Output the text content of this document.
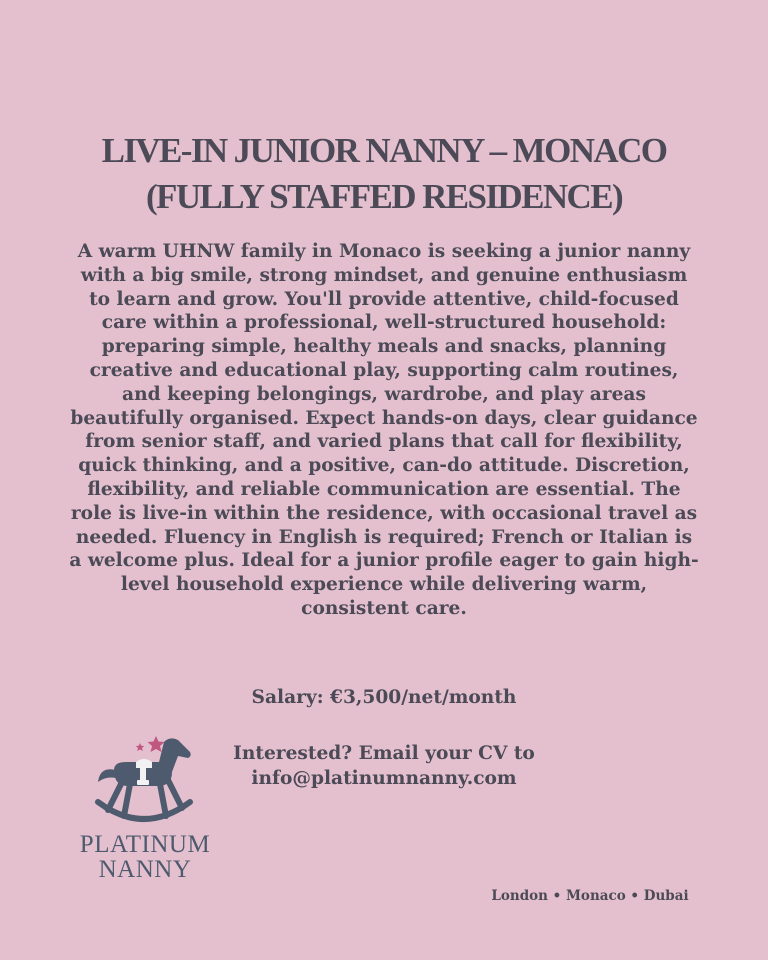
LIVE-IN JUNIOR NANNY – MONACO
(FULLY STAFFED RESIDENCE)
A warm UHNW family in Monaco is seeking a junior nanny
with a big smile, strong mindset, and genuine enthusiasm
to learn and grow. You'll provide attentive, child-focused
care within a professional, well-structured household:
preparing simple, healthy meals and snacks, planning
creative and educational play, supporting calm routines,
and keeping belongings, wardrobe, and play areas
beautifully organised. Expect hands-on days, clear guidance
from senior staff, and varied plans that call for flexibility,
quick thinking, and a positive, can-do attitude. Discretion,
flexibility, and reliable communication are essential. The
role is live-in within the residence, with occasional travel as
needed. Fluency in English is required; French or Italian is
a welcome plus. Ideal for a junior profile eager to gain high-
level household experience while delivering warm,
consistent care.
Salary: €3,500/net/month
Interested? Email your CV to
info@platinumnanny.com
PLATINUM
NANNY
London • Monaco • Dubai
